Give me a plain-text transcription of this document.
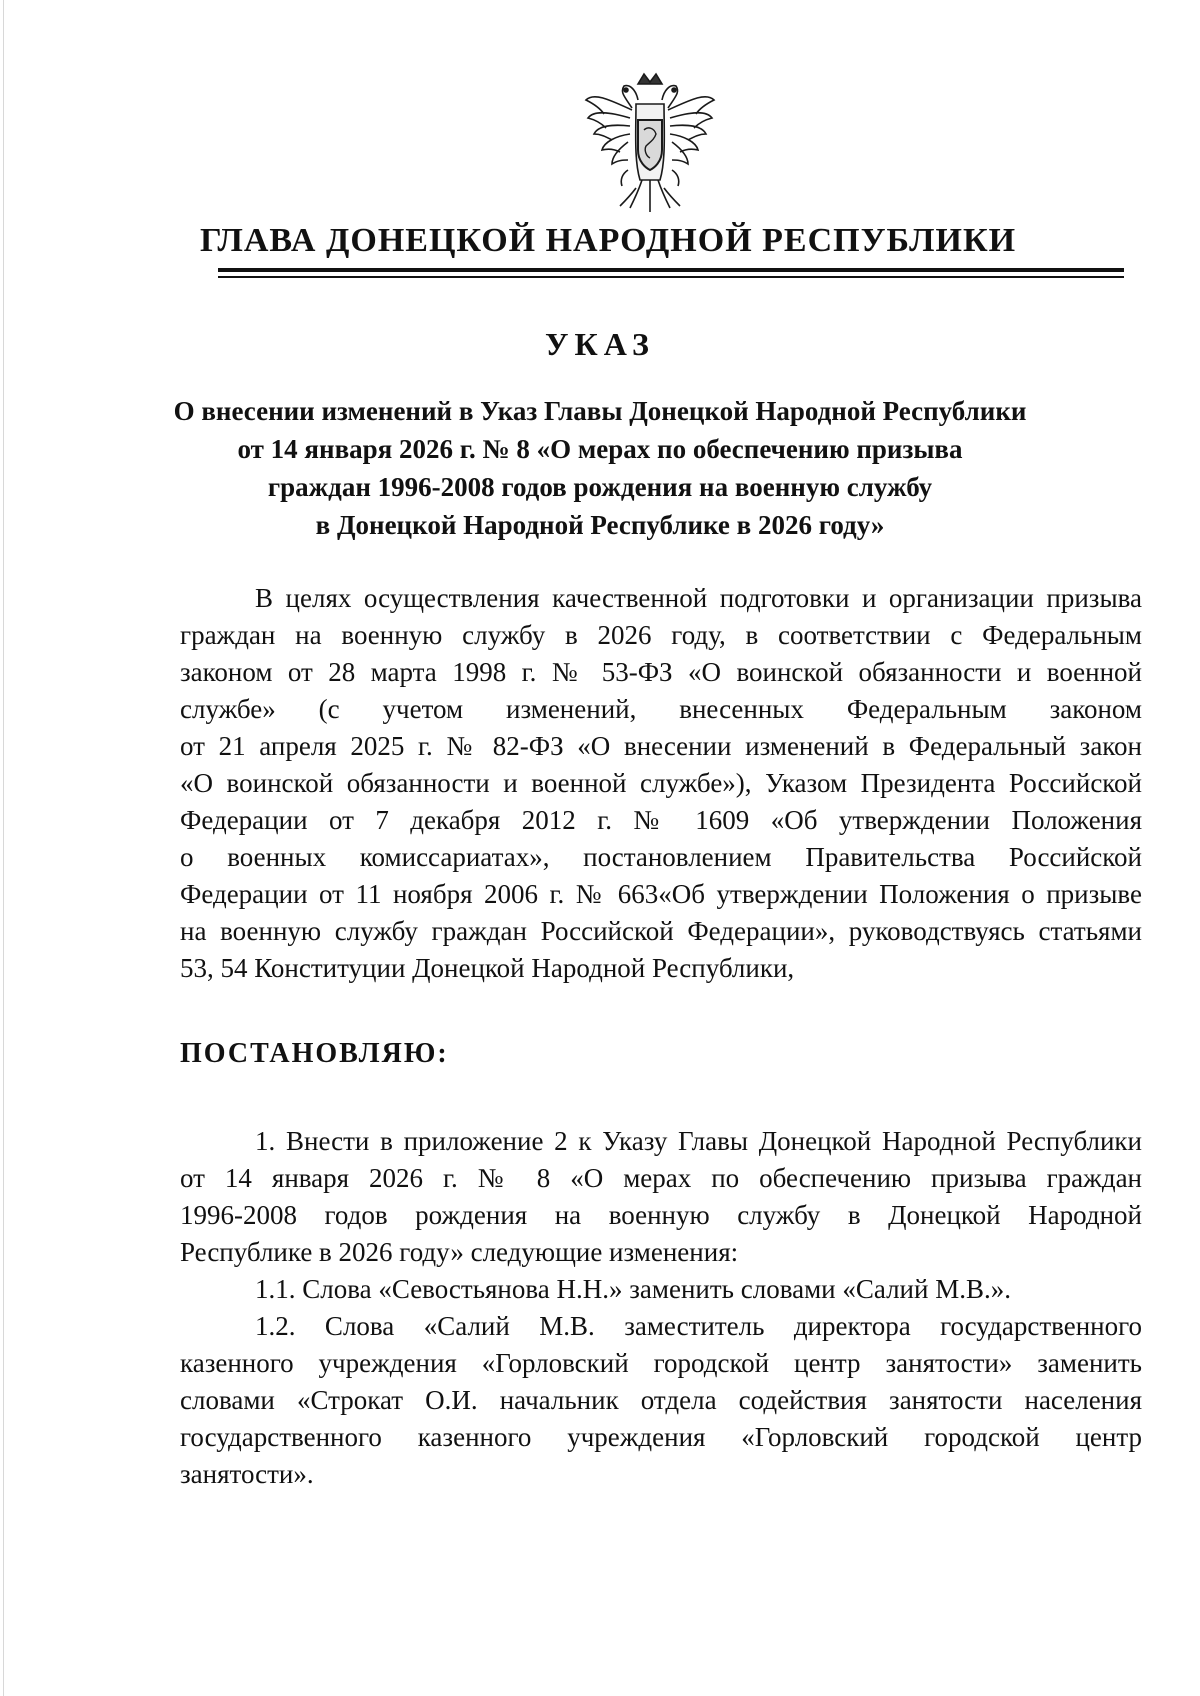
ГЛАВА ДОНЕЦКОЙ НАРОДНОЙ РЕСПУБЛИКИ
УКАЗ
О внесении изменений в Указ Главы Донецкой Народной Республики
от 14 января 2026 г. № 8 «О мерах по обеспечению призыва
граждан 1996-2008 годов рождения на военную службу
в Донецкой Народной Республике в 2026 году»
В целях осуществления качественной подготовки и организации призыва
граждан на военную службу в 2026 году, в соответствии с Федеральным
законом от 28 марта 1998 г. № 53-ФЗ «О воинской обязанности и военной
службе» (с учетом изменений, внесенных Федеральным законом
от 21 апреля 2025 г. № 82-ФЗ «О внесении изменений в Федеральный закон
«О воинской обязанности и военной службе»), Указом Президента Российской
Федерации от 7 декабря 2012 г. № 1609 «Об утверждении Положения
о военных комиссариатах», постановлением Правительства Российской
Федерации от 11 ноября 2006 г. № 663«Об утверждении Положения о призыве
на военную службу граждан Российской Федерации», руководствуясь статьями
53, 54 Конституции Донецкой Народной Республики,
ПОСТАНОВЛЯЮ:
1. Внести в приложение 2 к Указу Главы Донецкой Народной Республики
от 14 января 2026 г. № 8 «О мерах по обеспечению призыва граждан
1996-2008 годов рождения на военную службу в Донецкой Народной
Республике в 2026 году» следующие изменения:
1.1. Слова «Севостьянова Н.Н.» заменить словами «Салий М.В.».
1.2. Слова «Салий М.В. заместитель директора государственного
казенного учреждения «Горловский городской центр занятости» заменить
словами «Строкат О.И. начальник отдела содействия занятости населения
государственного казенного учреждения «Горловский городской центр
занятости».
